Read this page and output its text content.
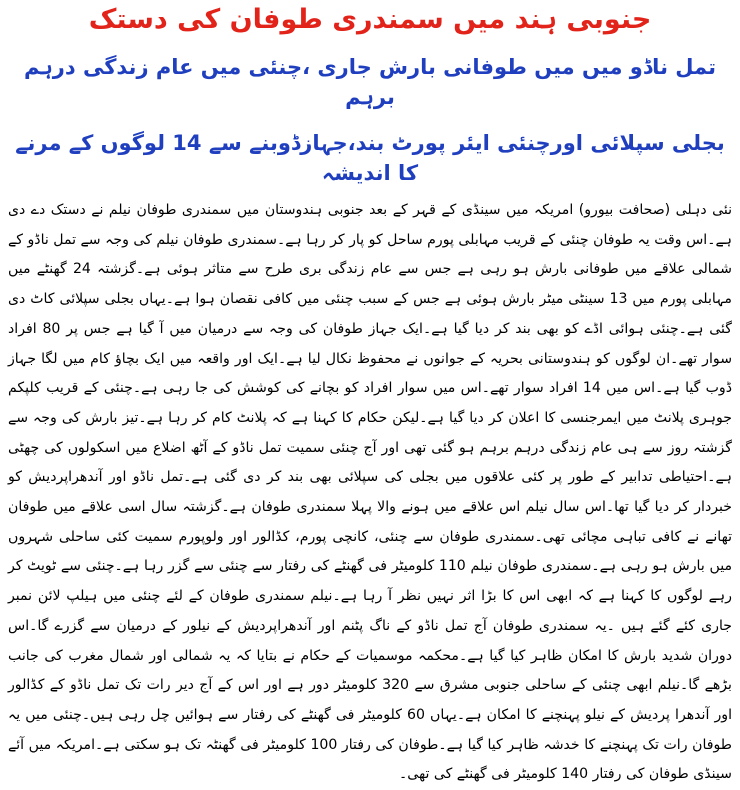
جنوبی ہند میں سمندری طوفان کی دستک
تمل ناڈو میں میں طوفانی بارش جاری ،چنئی میں عام زندگی درہم برہم
بجلی سپلائی اورچنئی ایئر پورٹ بند،جہازڈوبنے سے 14 لوگوں کے مرنے کا اندیشہ

نئی دہلی (صحافت بیورو) امریکہ میں سینڈی کے قہر کے بعد جنوبی ہندوستان میں سمندری طوفان نیلم نے دستک دے دی ہے۔اس وقت یہ طوفان چنئی کے قریب مہابلی پورم ساحل کو پار کر رہا ہے۔سمندری طوفان نیلم کی وجہ سے تمل ناڈو کے شمالی علاقے میں طوفانی بارش ہو رہی ہے جس سے عام زندگی بری طرح سے متاثر ہوئی ہے۔گزشتہ 24 گھنٹے میں مہابلی پورم میں 13 سینٹی میٹر بارش ہوئی ہے جس کے سبب چنئی میں کافی نقصان ہوا ہے۔یہاں بجلی سپلائی کاٹ دی گئی ہے۔چنئی ہوائی اڈے کو بھی بند کر دیا گیا ہے۔ایک جہاز طوفان کی وجہ سے درمیان میں آ گیا ہے جس پر 80 افراد سوار تھے۔ان لوگوں کو ہندوستانی بحریہ کے جوانوں نے محفوظ نکال لیا ہے۔ایک اور واقعہ میں ایک بچاؤ کام میں لگا جہاز ڈوب گیا ہے۔اس میں 14 افراد سوار تھے۔اس میں سوار افراد کو بچانے کی کوشش کی جا رہی ہے۔چنئی کے قریب کلپکم جوہری پلانٹ میں ایمرجنسی کا اعلان کر دیا گیا ہے۔لیکن حکام کا کہنا ہے کہ پلانٹ کام کر رہا ہے۔تیز بارش کی وجہ سے گزشتہ روز سے ہی عام زندگی درہم برہم ہو گئی تھی اور آج چنئی سمیت تمل ناڈو کے آٹھ اضلاع میں اسکولوں کی چھٹی ہے۔احتیاطی تدابیر کے طور پر کئی علاقوں میں بجلی کی سپلائی بھی بند کر دی گئی ہے۔تمل ناڈو اور آندھراپردیش کو خبردار کر دیا گیا تھا۔اس سال نیلم اس علاقے میں ہونے والا پہلا سمندری طوفان ہے۔گزشتہ سال اسی علاقے میں طوفان تھانے نے کافی تباہی مچائی تھی۔سمندری طوفان سے چنئی، کانچی پورم، کڈالور اور ولوپورم سمیت کئی ساحلی شہروں میں بارش ہو رہی ہے۔سمندری طوفان نیلم 110 کلومیٹر فی گھنٹے کی رفتار سے چنئی سے گزر رہا ہے۔چنئی سے ٹویٹ کر رہے لوگوں کا کہنا ہے کہ ابھی اس کا بڑا اثر نہیں نظر آ رہا ہے۔نیلم سمندری طوفان کے لئے چنئی میں ہیلپ لائن نمبر جاری کئے گئے ہیں ۔یہ سمندری طوفان آج تمل ناڈو کے ناگ پٹنم اور آندھراپردیش کے نیلور کے درمیان سے گزرے گا۔اس دوران شدید بارش کا امکان ظاہر کیا گیا ہے۔محکمہ موسمیات کے حکام نے بتایا کہ یہ شمالی اور شمال مغرب کی جانب بڑھے گا۔نیلم ابھی چنئی کے ساحلی جنوبی مشرق سے 320 کلومیٹر دور ہے اور اس کے آج دیر رات تک تمل ناڈو کے کڈالور اور آندھرا پردیش کے نیلو پہنچنے کا امکان ہے۔یہاں 60 کلومیٹر فی گھنٹے کی رفتار سے ہوائیں چل رہی ہیں۔چنئی میں یہ طوفان رات تک پہنچنے کا خدشہ ظاہر کیا گیا ہے۔طوفان کی رفتار 100 کلومیٹر فی گھنٹہ تک ہو سکتی ہے۔امریکہ میں آئے سینڈی طوفان کی رفتار 140 کلومیٹر فی گھنٹے کی تھی۔
